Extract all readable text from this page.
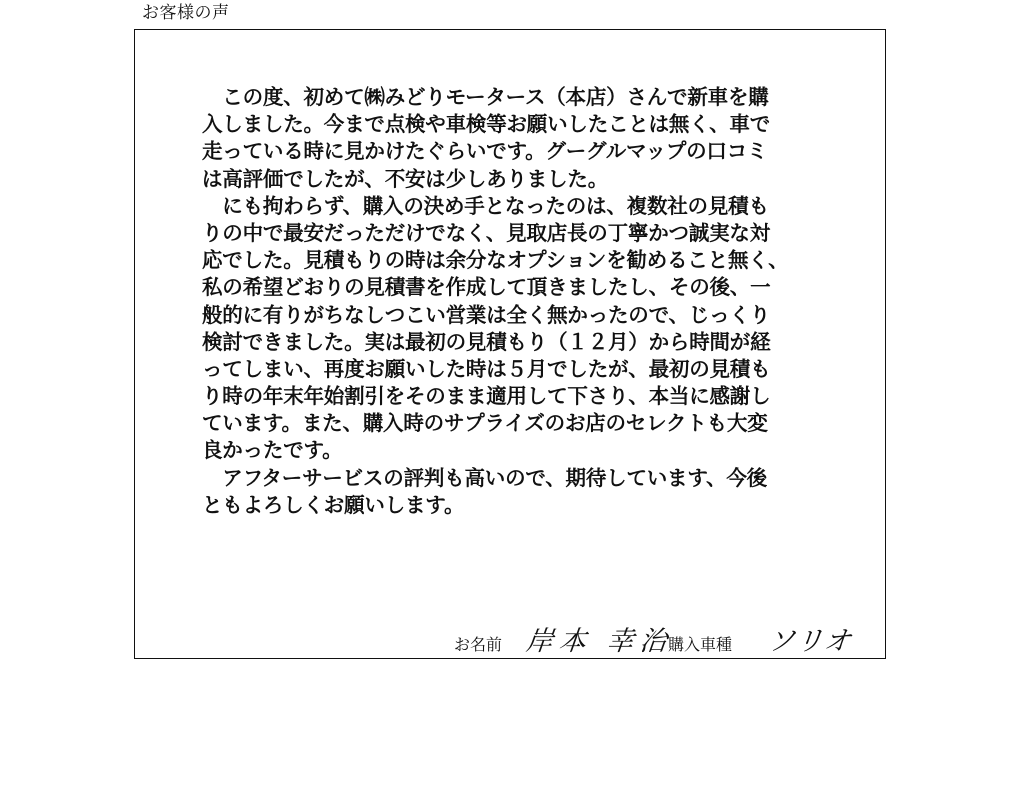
お客様の声
　この度、初めて㈱みどりモータース（本店）さんで新車を購
入しました。今まで点検や車検等お願いしたことは無く、車で
走っている時に見かけたぐらいです。グーグルマップの口コミ
は高評価でしたが、不安は少しありました。
　にも拘わらず、購入の決め手となったのは、複数社の見積も
りの中で最安だっただけでなく、見取店長の丁寧かつ誠実な対
応でした。見積もりの時は余分なオプションを勧めること無く、
私の希望どおりの見積書を作成して頂きましたし、その後、一
般的に有りがちなしつこい営業は全く無かったので、じっくり
検討できました。実は最初の見積もり（１２月）から時間が経
ってしまい、再度お願いした時は５月でしたが、最初の見積も
り時の年末年始割引をそのまま適用して下さり、本当に感謝し
ています。また、購入時のサプライズのお店のセレクトも大変
良かったです。
　アフターサービスの評判も高いので、期待しています、今後
ともよろしくお願いします。
お名前 岸本 幸治
購入車種 ソリオ
